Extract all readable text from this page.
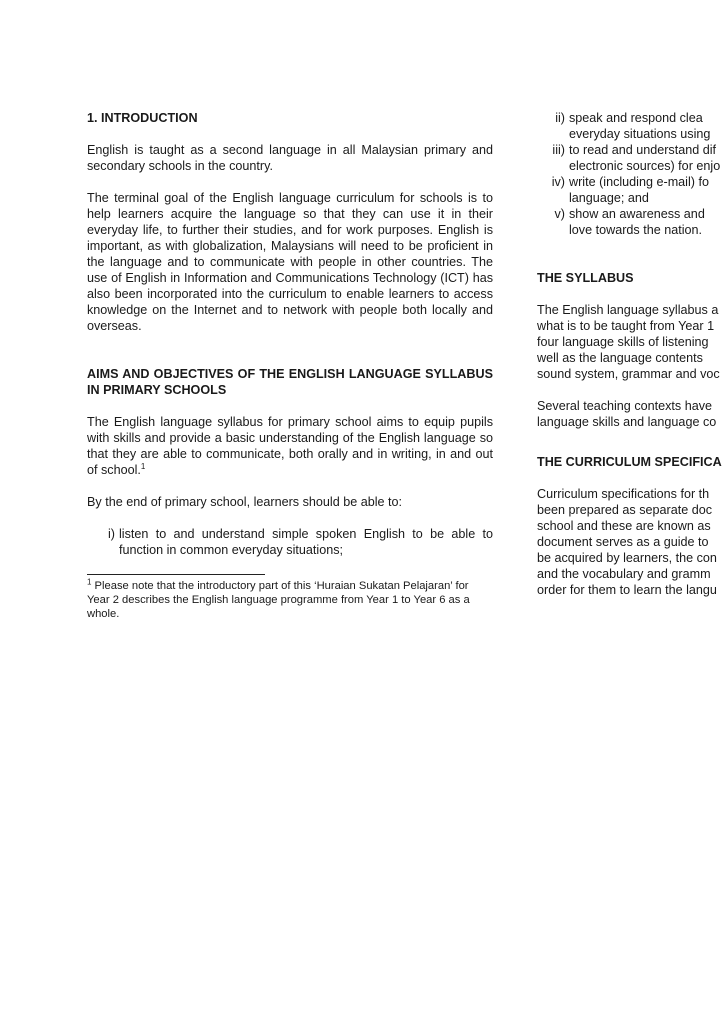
1. INTRODUCTION

English is taught as a second language in all Malaysian primary and secondary schools in the country.

The terminal goal of the English language curriculum for schools is to help learners acquire the language so that they can use it in their everyday life, to further their studies, and for work purposes. English is important, as with globalization, Malaysians will need to be proficient in the language and to communicate with people in other countries. The use of English in Information and Communications Technology (ICT) has also been incorporated into the curriculum to enable learners to access knowledge on the Internet and to network with people both locally and overseas.

AIMS AND OBJECTIVES OF THE ENGLISH LANGUAGE SYLLABUS IN PRIMARY SCHOOLS

The English language syllabus for primary school aims to equip pupils with skills and provide a basic understanding of the English language so that they are able to communicate, both orally and in writing, in and out of school.$^1$

By the end of primary school, learners should be able to:

i) listen to and understand simple spoken English to be able to function in common everyday situations;

$^1$ Please note that the introductory part of this ‘Huraian Sukatan Pelajaran’ for Year 2 describes the English language programme from Year 1 to Year 6 as a whole.

ii) speak and respond clea
everyday situations using
iii) to read and understand dif
electronic sources) for enjo
iv) write (including e-mail) fo
language; and
v) show an awareness and
love towards the nation.

THE SYLLABUS

The English language syllabus a
what is to be taught from Year 1
four language skills of listening
well as the language contents
sound system, grammar and voc
Several teaching contexts have
language skills and language co

THE CURRICULUM SPECIFICA

Curriculum specifications for th
been prepared as separate doc
school and these are known as
document serves as a guide to
be acquired by learners, the con
and the vocabulary and gramm
order for them to learn the langu
